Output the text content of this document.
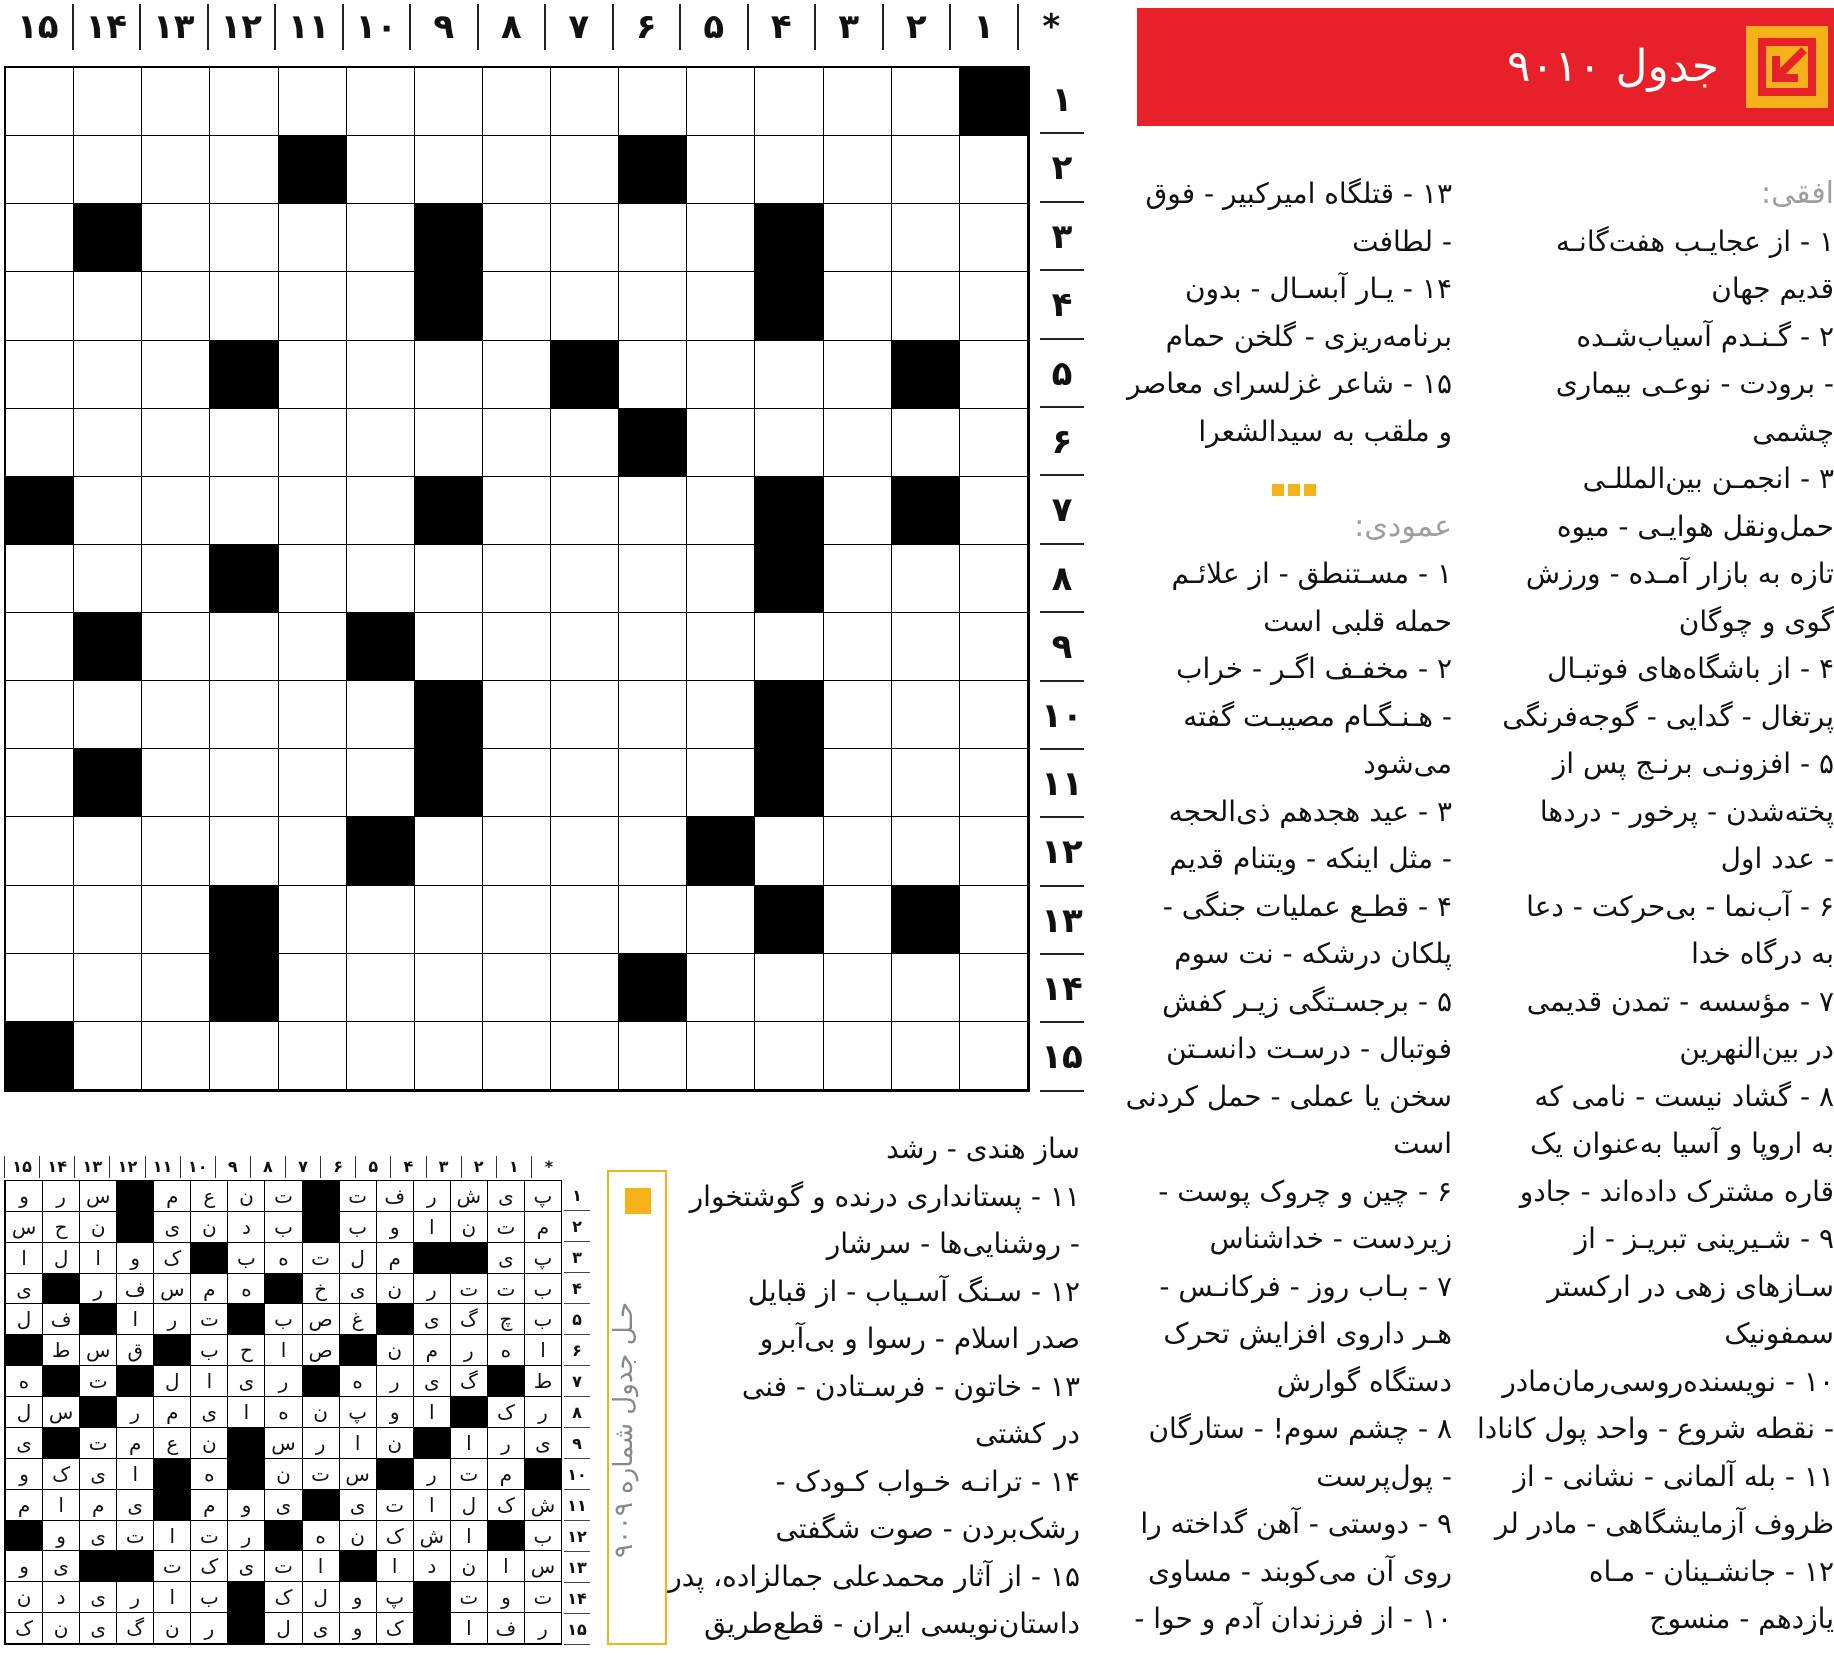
*
۱
۲
۳
۴
۵
۶
۷
۸
۹
۱۰
۱۱
۱۲
۱۳
۱۴
۱۵
۱
۲
۳
۴
۵
۶
۷
۸
۹
۱۰
۱۱
۱۲
۱۳
۱۴
۱۵
جدول ۹۰۱۰
افقی:
۱ - از عجایـب هفت‌گانـه
قدیم جهان
۲ - گـنـدم آسیاب‌شـده
- برودت - نوعـی بیماری
چشمی
۳ - انجمـن بین‌المللـی
حمل‌ونقل هوایـی - میوه
تازه به بازار آمـده - ورزش
گوی و چوگان
۴ - از باشگاه‌های فوتبـال
پرتغال - گدایی - گوجه‌فرنگی
۵ - افزونـی برنـج پس از
پخته‌شدن - پرخور - دردها
- عدد اول
۶ - آب‌نما - بی‌حرکت - دعا
به درگاه خدا
۷ - مؤسسه - تمدن قدیمی
در بین‌النهرین
۸ - گشاد نیست - نامی که
به اروپا و آسیا به‌عنوان یک
قاره مشترک داده‌اند - جادو
۹ - شـیرینی تبریـز - از
سـازهای زهی در ارکستر
سمفونیک
۱۰ - نویسنده‌روسی‌رمان‌مادر
- نقطه شروع - واحد پول کانادا
۱۱ - بله آلمانی - نشانی - از
ظروف آزمایشگاهی - مادر لر
۱۲ - جانشـینان - مـاه
یازدهم - منسوج
۱۳ - قتلگاه امیرکبیر - فوق
- لطافت
۱۴ - یـار آبسـال - بدون
برنامه‌ریزی - گلخن حمام
۱۵ - شاعر غزلسرای معاصر
و ملقب به سیدالشعرا

عمودی:
۱ - مسـتنطق - از علائـم
حمله قلبی است
۲ - مخفـف اگـر - خراب
- هـنـگـام مصیبـت گفته
می‌شود
۳ - عید هجدهم ذی‌الحجه
- مثل اینکه - ویتنام قدیم
۴ - قطـع عملیات جنگی -
پلکان درشکه - نت سوم
۵ - برجسـتگی زیـر کفش
فوتبال - درسـت دانسـتن
سخن یا عملی - حمل کردنی
است
۶ - چین و چروک پوست -
زیردست - خداشناس
۷ - بـاب روز - فرکانـس -
هـر داروی افزایش تحرک
دستگاه گوارش
۸ - چشم سوم! - ستارگان
- پول‌پرست
۹ - دوستی - آهن گداخته را
روی آن می‌کوبند - مساوی
۱۰ - از فرزندان آدم و حوا -
ساز هندی - رشد
۱۱ - پستانداری درنده و گوشتخوار
- روشنایی‌ها - سرشار
۱۲ - سـنگ آسـیاب - از قبایل
صدر اسلام - رسوا و بی‌آبرو
۱۳ - خاتون - فرسـتادن - فنی
در کشتی
۱۴ - ترانـه خـواب کـودک -
رشک‌بردن - صوت شگفتی
۱۵ - از آثار محمدعلی جمالزاده، پدر
داستان‌نویسی ایران - قطع‌طریق
*
۱
۲
۳
۴
۵
۶
۷
۸
۹
۱۰
۱۱
۱۲
۱۳
۱۴
۱۵
پ
ی
ش
ر
ف
ت
ت
ن
ع
م
س
ر
و
م
ت
ن
ا
و
ب
ب
د
ن
ی
ن
ح
س
پ
ی
م
ل
ت
ه
ب
ک
و
ا
ل
ا
ب
ت
ت
ر
ن
ی
خ
ه
م
س
ف
ر
ی
ب
چ
گ
ی
غ
ص
ب
ت
ر
ا
ف
ل
ا
ه
ر
م
ن
ص
ا
ح
ب
ق
س
ط
ط
گ
ی
ر
ه
ر
ی
ا
ل
ت
ه
ر
ک
ا
و
پ
ن
ه
ا
ی
م
ر
س
ل
ی
ر
ا
ن
ا
ر
س
ن
ع
م
ت
ی
م
ت
ر
س
ت
ن
ه
ا
ی
ک
و
ش
ک
ل
ا
ت
ی
ی
و
م
ی
م
ا
م
ب
ا
ش
ک
ن
ه
ر
ت
ا
ت
ی
و
س
ا
ن
د
ا
ا
ت
ی
ک
ت
ی
و
ت
و
ت
پ
و
ل
ک
ب
ا
ر
ی
د
ن
ر
ف
ا
ک
و
ی
ل
ر
ن
گ
ی
ن
ک
۱
۲
۳
۴
۵
۶
۷
۸
۹
۱۰
۱۱
۱۲
۱۳
۱۴
۱۵
حـل جدول شماره ۹۰۰۹
